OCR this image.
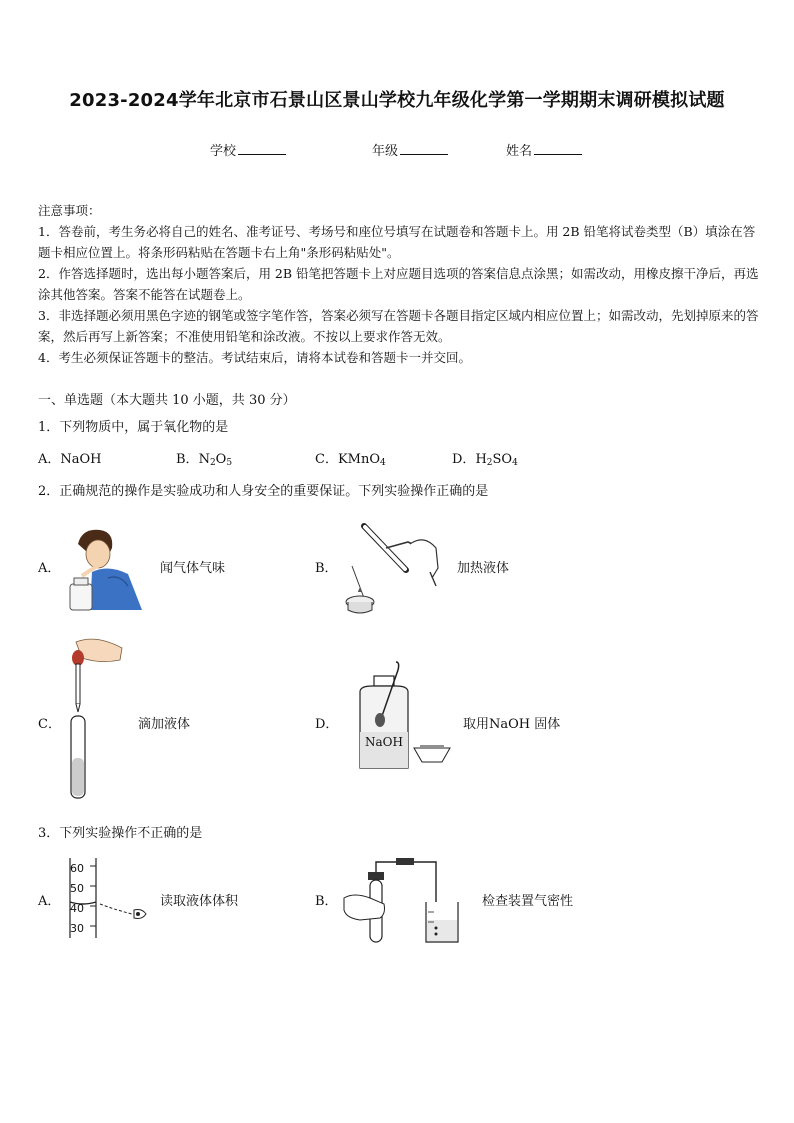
2023-2024学年北京市石景山区景山学校九年级化学第一学期期末调研模拟试题
学校	年级	姓名

注意事项：

1．答卷前，考生务必将自己的姓名、准考证号、考场号和座位号填写在试题卷和答题卡上。用 2B 铅笔将试卷类型（B）填涂在答题卡相应位置上。将条形码粘贴在答题卡右上角"条形码粘贴处"。

2．作答选择题时，选出每小题答案后，用 2B 铅笔把答题卡上对应题目选项的答案信息点涂黑；如需改动，用橡皮擦干净后，再选涂其他答案。答案不能答在试题卷上。

3．非选择题必须用黑色字迹的钢笔或签字笔作答，答案必须写在答题卡各题目指定区域内相应位置上；如需改动，先划掉原来的答案，然后再写上新答案；不准使用铅笔和涂改液。不按以上要求作答无效。

4．考生必须保证答题卡的整洁。考试结束后，请将本试卷和答题卡一并交回。

一、单选题（本大题共 10 小题，共 30 分）
1．下列物质中，属于氧化物的是
A．NaOH	B．$N_2O_5$	C．KMnO$_4$	D．$H_2SO_4$
2．正确规范的操作是实验成功和人身安全的重要保证。下列实验操作正确的是
A．	闻气体气味	B．	加热液体
C．	滴加液体	D．
NaOH
取用NaOH 固体
3．下列实验操作不正确的是
A．
60
50
40
30
读取液体体积	B．	检查装置气密性
